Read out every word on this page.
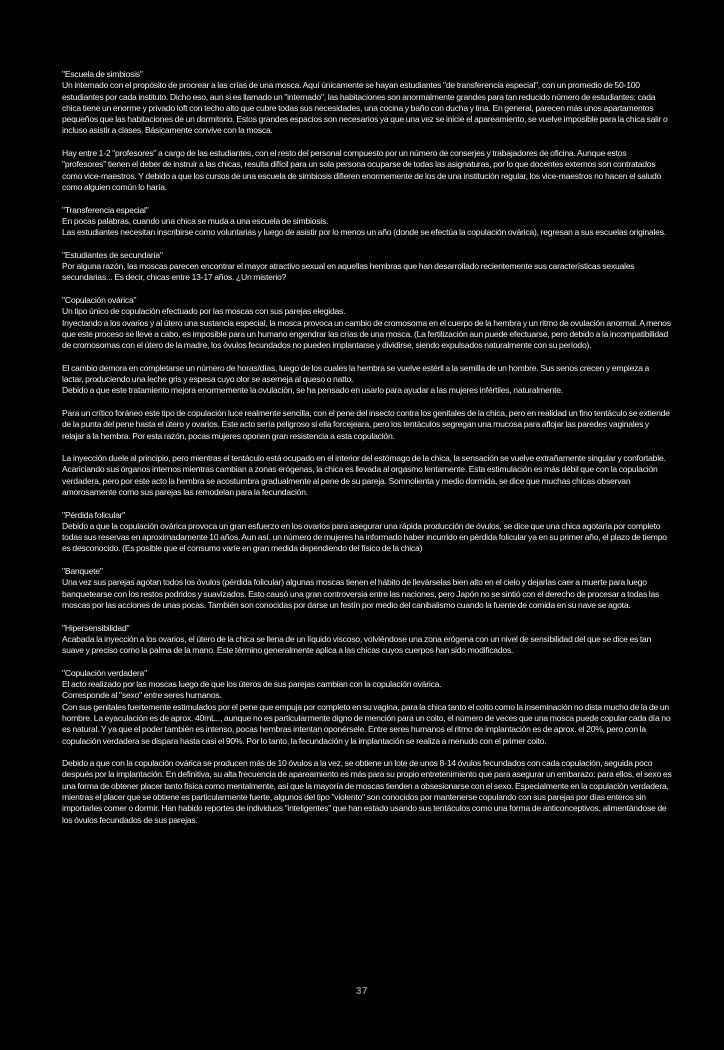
"Escuela de simbiosis"
Un internado con el propósito de procrear a las crías de una mosca. Aquí únicamente se hayan estudiantes "de transferencia especial", con un promedio de 50-100 estudiantes por cada instituto. Dicho eso, aun si es llamado un "internado", las habitaciones son anormalmente grandes para tan reducido número de estudiantes: cada chica tiene un enorme y privado loft con techo alto que cubre todas sus necesidades, una cocina y baño con ducha y tina. En general, parecen más unos apartamentos pequeños que las habitaciones de un dormitorio. Estos grandes espacios son necesarios ya que una vez se inicie el apareamiento, se vuelve imposible para la chica salir o incluso asistir a clases. Básicamente convive con la mosca.
Hay entre 1-2 "profesores" a cargo de las estudiantes, con el resto del personal compuesto por un número de conserjes y trabajadores de oficina. Aunque estos "profesores" tienen el deber de instruir a las chicas, resulta difícil para un sola persona ocuparse de todas las asignaturas, por lo que docentes externos son contratados como vice-maestros. Y debido a que los cursos de una escuela de simbiosis difieren enormemente de los de una institución regular, los vice-maestros no hacen el saludo como alguien común lo haría.
"Transferencia especial"
En pocas palabras, cuando una chica se muda a una escuela de simbiosis.
Las estudiantes necesitan inscribirse como voluntarias y luego de asistir por lo menos un año (donde se efectúa la copulación ovárica), regresan a sus escuelas originales.
"Estudiantes de secundaria"
Por alguna razón, las moscas parecen encontrar el mayor atractivo sexual en aquellas hembras que han desarrollado recientemente sus características sexuales secundarias... Es decir, chicas entre 13-17 años. ¿Un misterio?
"Copulación ovárica"
Un tipo único de copulación efectuado por las moscas con sus parejas elegidas.
Inyectando a los ovarios y al útero una sustancia especial, la mosca provoca un cambio de cromosoma en el cuerpo de la hembra y un ritmo de ovulación anormal. A menos que este proceso se lleve a cabo, es imposible para un humano engendrar las crías de una mosca. (La fertilización aun puede efectuarse, pero debido a la incompatibilidad de cromosomas con el útero de la madre, los óvulos fecundados no pueden implantarse y dividirse, siendo expulsados naturalmente con su período).
El cambio demora en completarse un número de horas/días, luego de los cuales la hembra se vuelve estéril a la semilla de un hombre. Sus senos crecen y empieza a lactar, produciendo una leche gris y espesa cuyo olor se asemeja al queso o natto.
Debido a que este tratamiento mejora enormemente la ovulación, se ha pensado en usarlo para ayudar a las mujeres infértiles, naturalmente.
Para un crítico foráneo este tipo de copulación luce realmente sencilla, con el pene del insecto contra los genitales de la chica, pero en realidad un fino tentáculo se extiende de la punta del pene hasta el útero y ovarios. Este acto sería peligroso si ella forcejeara, pero los tentáculos segregan una mucosa para aflojar las paredes vaginales y relajar a la hembra. Por esta razón, pocas mujeres oponen gran resistencia a esta copulación.
La inyección duele al principio, pero mientras el tentáculo está ocupado en el interior del estómago de la chica, la sensación se vuelve extrañamente singular y confortable. Acariciando sus órganos internos mientras cambian a zonas erógenas, la chica es llevada al orgasmo lentamente. Esta estimulación es más débil que con la copulación verdadera, pero por este acto la hembra se acostumbra gradualmente al pene de su pareja. Somnolienta y medio dormida, se dice que muchas chicas observan amorosamente como sus parejas las remodelan para la fecundación.
"Pérdida folicular"
Debido a que la copulación ovárica provoca un gran esfuerzo en los ovarios para asegurar una rápida producción de óvulos, se dice que una chica agotaría por completo todas sus reservas en aproximadamente 10 años. Aun así, un número de mujeres ha informado haber incurrido en pérdida folicular ya en su primer año, el plazo de tiempo es desconocido. (Es posible que el consumo varíe en gran medida dependiendo del físico de la chica)
"Banquete"
Una vez sus parejas agotan todos los óvulos (pérdida folicular) algunas moscas tienen el hábito de llevárselas bien alto en el cielo y dejarlas caer a muerte para luego banquetearse con los restos podridos y suavizados. Esto causó una gran controversia entre las naciones, pero Japón no se sintió con el derecho de procesar a todas las moscas por las acciones de unas pocas. También son conocidas por darse un festín por medio del canibalismo cuando la fuente de comida en su nave se agota.
"Hipersensibilidad"
Acabada la inyección a los ovarios, el útero de la chica se llena de un líquido viscoso, volviéndose una zona erógena con un nivel de sensibilidad del que se dice es tan suave y preciso como la palma de la mano. Este término generalmente aplica a las chicas cuyos cuerpos han sido modificados.
"Copulación verdadera"
El acto realizado por las moscas luego de que los úteros de sus parejas cambian con la copulación ovárica.
Corresponde al "sexo" entre seres humanos.
Con sus genitales fuertemente estimulados por el pene que empuja por completo en su vagina, para la chica tanto el coito como la inseminación no dista mucho de la de un hombre. La eyaculación es de aprox. 40mL.., aunque no es particularmente digno de mención para un coito, el número de veces que una mosca puede copular cada día no es natural. Y ya que el poder también es intenso, pocas hembras intentan oponérsele. Entre seres humanos el ritmo de implantación es de aprox. el 20%, pero con la copulación verdadera se dispara hasta casi el 90%. Por lo tanto, la fecundación y la implantación se realiza a menudo con el primer coito.
Debido a que con la copulación ovárica se producen más de 10 óvulos a la vez, se obtiene un lote de unos 8-14 óvulos fecundados con cada copulación, seguida poco después por la implantación. En definitiva, su alta frecuencia de apareamiento es más para su propio entretenimiento que para asegurar un embarazo: para ellos, el sexo es una forma de obtener placer tanto física como mentalmente, así que la mayoría de moscas tienden a obsesionarse con el sexo. Especialmente en la copulación verdadera, mientras el placer que se obtiene es particularmente fuerte, algunos del tipo "violento" son conocidos por mantenerse copulando con sus parejas por días enteros sin importarles comer o dormir. Han habido reportes de individuos "inteligentes" que han estado usando sus tentáculos como una forma de anticonceptivos, alimentándose de los óvulos fecundados de sus parejas.
37
